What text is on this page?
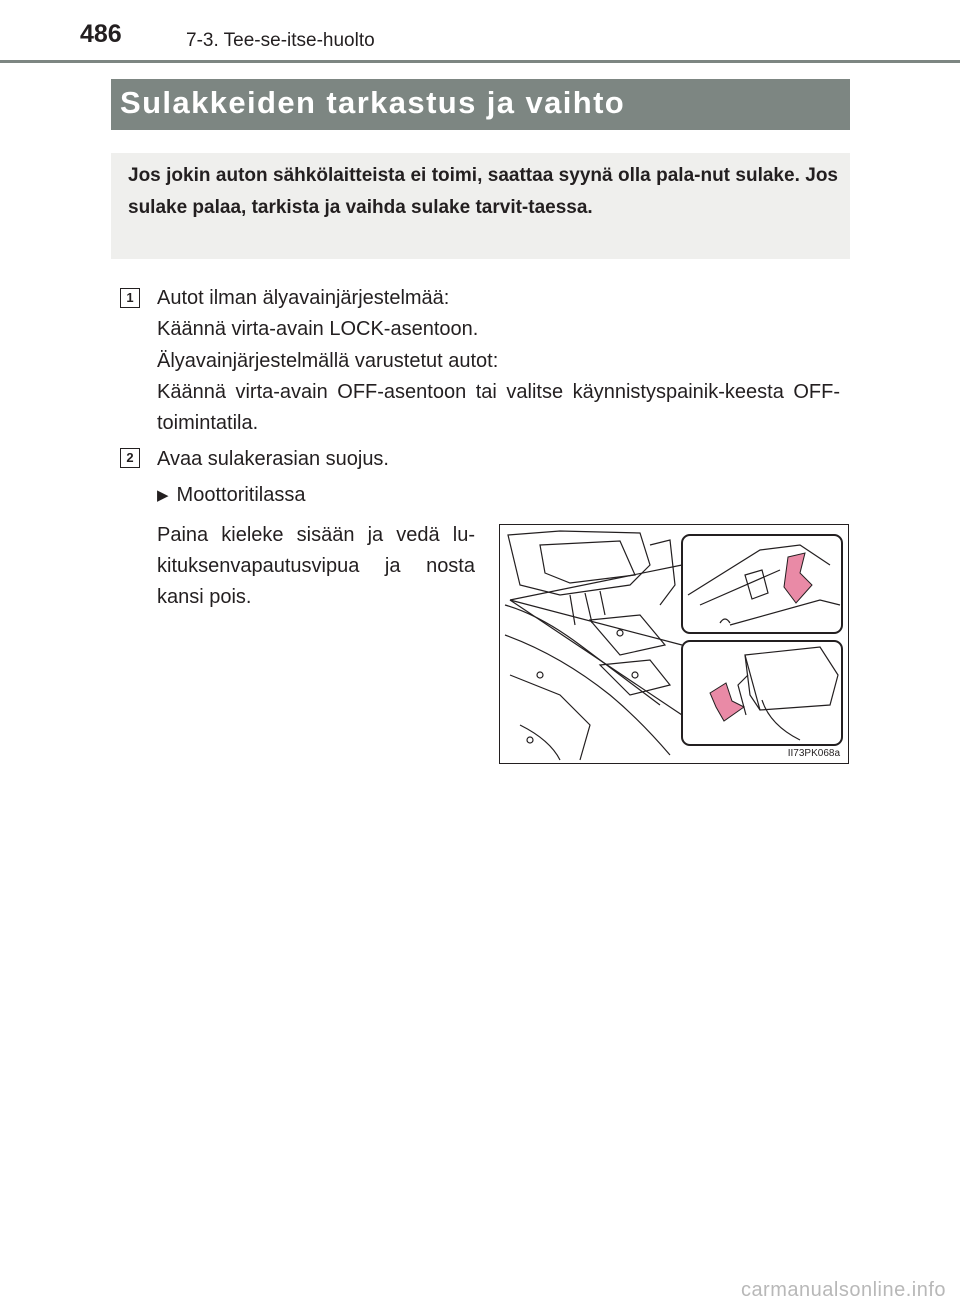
486	7-3. Tee-se-itse-huolto
Sulakkeiden tarkastus ja vaihto
Jos jokin auton sähkölaitteista ei toimi, saattaa syynä olla pala-nut sulake. Jos sulake palaa, tarkista ja vaihda sulake tarvit-taessa.
1	Autot ilman älyavainjärjestelmää:
Käännä virta-avain LOCK-asentoon.
Älyavainjärjestelmällä varustetut autot:
Käännä virta-avain OFF-asentoon tai valitse käynnistyspainik-keesta OFF-toimintatila.
2	Avaa sulakerasian suojus.
▶ Moottoritilassa
Paina kieleke sisään ja vedä lu-kituksenvapautusvipua ja nosta kansi pois.
II73PK068a
carmanualsonline.info
